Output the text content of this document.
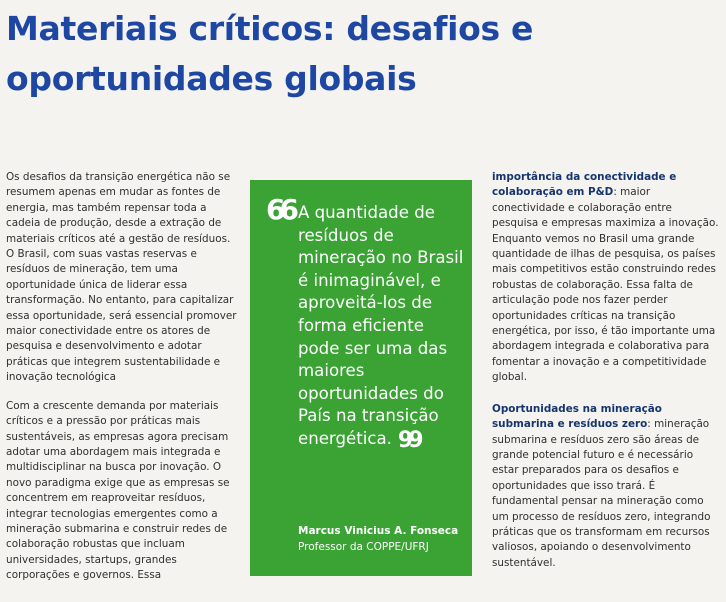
Materiais críticos: desafios e oportunidades globais

Os desafios da transição energética não se resumem apenas em mudar as fontes de energia, mas também repensar toda a cadeia de produção, desde a extração de materiais críticos até a gestão de resíduos. O Brasil, com suas vastas reservas e resíduos de mineração, tem uma oportunidade única de liderar essa transformação. No entanto, para capitalizar essa oportunidade, será essencial promover maior conectividade entre os atores de pesquisa e desenvolvimento e adotar práticas que integrem sustentabilidade e inovação tecnológica

Com a crescente demanda por materiais críticos e a pressão por práticas mais sustentáveis, as empresas agora precisam adotar uma abordagem mais integrada e multidisciplinar na busca por inovação. O novo paradigma exige que as empresas se concentrem em reaproveitar resíduos, integrar tecnologias emergentes como a mineração submarina e construir redes de colaboração robustas que incluam universidades, startups, grandes corporações e governos. Essa

66 A quantidade de resíduos de mineração no Brasil é inimaginável, e aproveitá-los de forma eficiente pode ser uma das maiores oportunidades do País na transição energética. 99
Marcus Vinicius A. Fonseca
Professor da COPPE/UFRJ

importância da conectividade e colaboração em P&D: maior conectividade e colaboração entre pesquisa e empresas maximiza a inovação. Enquanto vemos no Brasil uma grande quantidade de ilhas de pesquisa, os países mais competitivos estão construindo redes robustas de colaboração. Essa falta de articulação pode nos fazer perder oportunidades críticas na transição energética, por isso, é tão importante uma abordagem integrada e colaborativa para fomentar a inovação e a competitividade global.

Oportunidades na mineração submarina e resíduos zero: mineração submarina e resíduos zero são áreas de grande potencial futuro e é necessário estar preparados para os desafios e oportunidades que isso trará. É fundamental pensar na mineração como um processo de resíduos zero, integrando práticas que os transformam em recursos valiosos, apoiando o desenvolvimento sustentável.
